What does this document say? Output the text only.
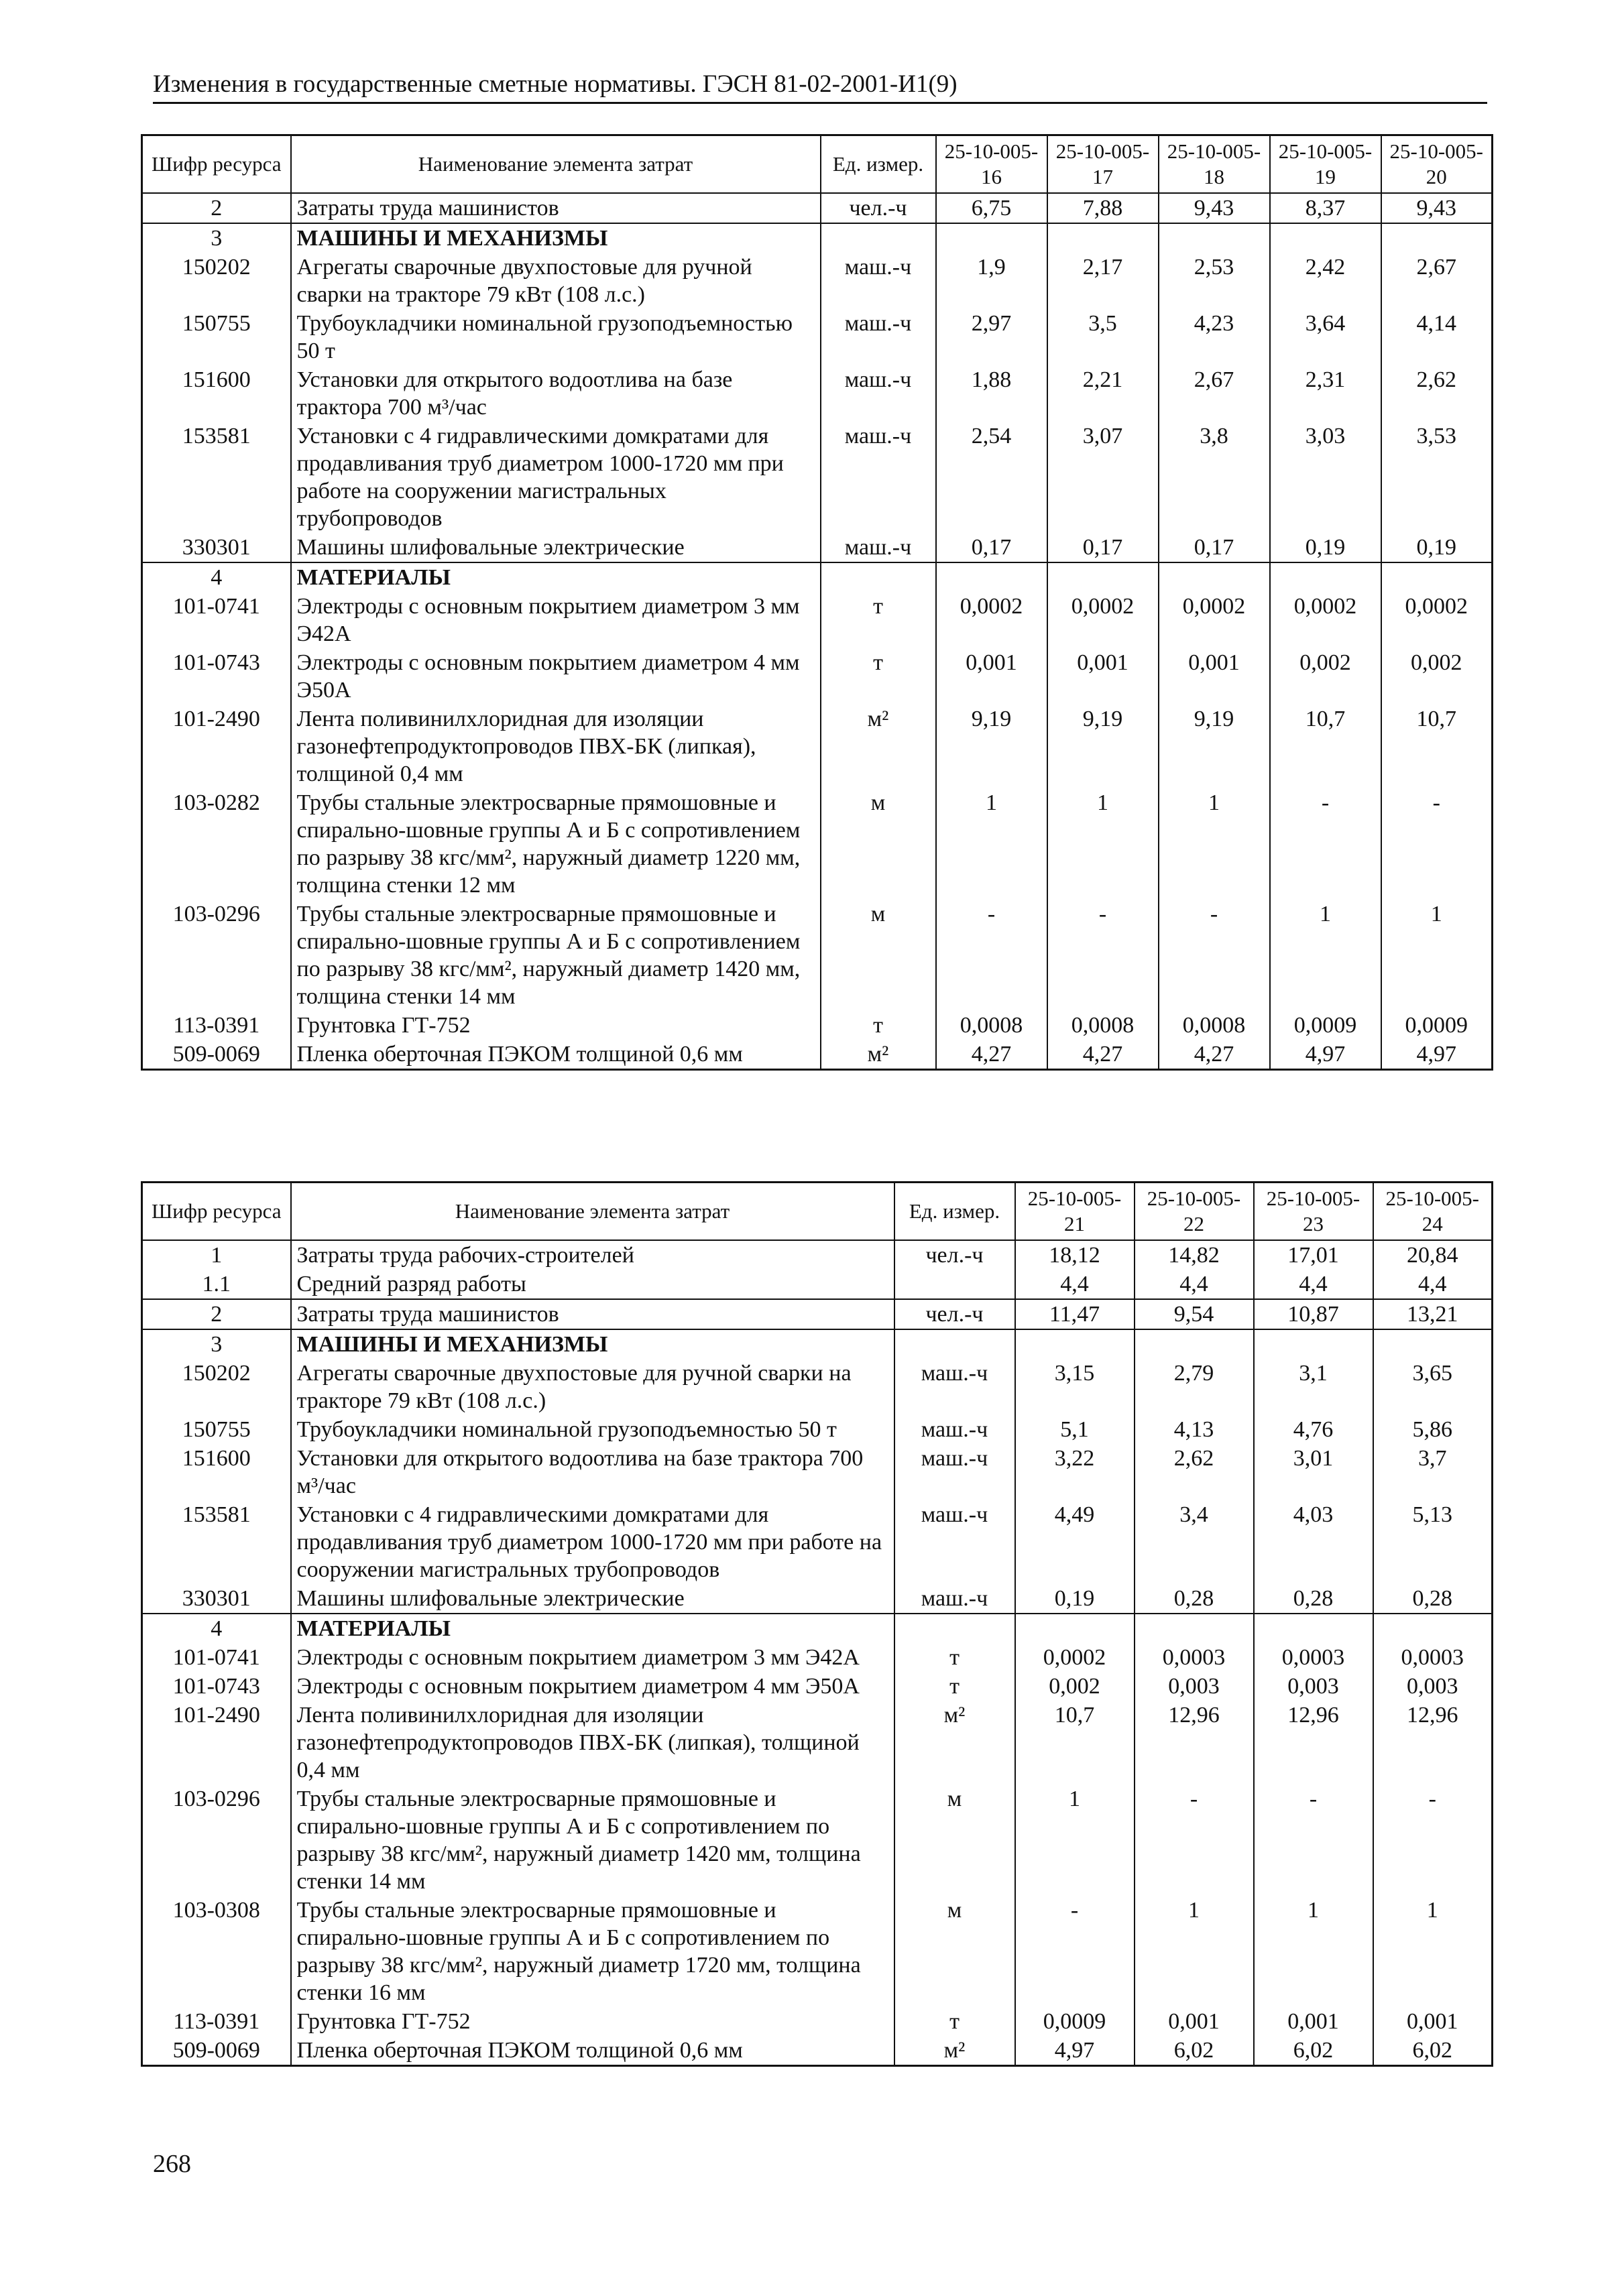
Изменения в государственные сметные нормативы. ГЭСН 81-02-2001-И1(9)
Шифр ресурса	Наименование элемента затрат	Ед. измер.	25-10-005-16	25-10-005-17	25-10-005-18	25-10-005-19	25-10-005-20
2	Затраты труда машинистов	чел.-ч	6,75	7,88	9,43	8,37	9,43
3	МАШИНЫ И МЕХАНИЗМЫ						
150202	Агрегаты сварочные двухпостовые для ручной сварки на тракторе 79 кВт (108 л.с.)	маш.-ч	1,9	2,17	2,53	2,42	2,67
150755	Трубоукладчики номинальной грузоподъемностью 50 т	маш.-ч	2,97	3,5	4,23	3,64	4,14
151600	Установки для открытого водоотлива на базе трактора 700 м³/час	маш.-ч	1,88	2,21	2,67	2,31	2,62
153581	Установки с 4 гидравлическими домкратами для продавливания труб диаметром 1000-1720 мм при работе на сооружении магистральных трубопроводов	маш.-ч	2,54	3,07	3,8	3,03	3,53
330301	Машины шлифовальные электрические	маш.-ч	0,17	0,17	0,17	0,19	0,19
4	МАТЕРИАЛЫ						
101-0741	Электроды с основным покрытием диаметром 3 мм Э42А	т	0,0002	0,0002	0,0002	0,0002	0,0002
101-0743	Электроды с основным покрытием диаметром 4 мм Э50А	т	0,001	0,001	0,001	0,002	0,002
101-2490	Лента поливинилхлоридная для изоляции газонефтепродуктопроводов ПВХ-БК (липкая), толщиной 0,4 мм	м²	9,19	9,19	9,19	10,7	10,7
103-0282	Трубы стальные электросварные прямошовные и спирально-шовные группы А и Б с сопротивлением по разрыву 38 кгс/мм², наружный диаметр 1220 мм, толщина стенки 12 мм	м	1	1	1	-	-
103-0296	Трубы стальные электросварные прямошовные и спирально-шовные группы А и Б с сопротивлением по разрыву 38 кгс/мм², наружный диаметр 1420 мм, толщина стенки 14 мм	м	-	-	-	1	1
113-0391	Грунтовка ГТ-752	т	0,0008	0,0008	0,0008	0,0009	0,0009
509-0069	Пленка оберточная ПЭКОМ толщиной 0,6 мм	м²	4,27	4,27	4,27	4,97	4,97
Шифр ресурса	Наименование элемента затрат	Ед. измер.	25-10-005-21	25-10-005-22	25-10-005-23	25-10-005-24
1	Затраты труда рабочих-строителей	чел.-ч	18,12	14,82	17,01	20,84
1.1	Средний разряд работы		4,4	4,4	4,4	4,4
2	Затраты труда машинистов	чел.-ч	11,47	9,54	10,87	13,21
3	МАШИНЫ И МЕХАНИЗМЫ					
150202	Агрегаты сварочные двухпостовые для ручной сварки на тракторе 79 кВт (108 л.с.)	маш.-ч	3,15	2,79	3,1	3,65
150755	Трубоукладчики номинальной грузоподъемностью 50 т	маш.-ч	5,1	4,13	4,76	5,86
151600	Установки для открытого водоотлива на базе трактора 700 м³/час	маш.-ч	3,22	2,62	3,01	3,7
153581	Установки с 4 гидравлическими домкратами для продавливания труб диаметром 1000-1720 мм при работе на сооружении магистральных трубопроводов	маш.-ч	4,49	3,4	4,03	5,13
330301	Машины шлифовальные электрические	маш.-ч	0,19	0,28	0,28	0,28
4	МАТЕРИАЛЫ					
101-0741	Электроды с основным покрытием диаметром 3 мм Э42А	т	0,0002	0,0003	0,0003	0,0003
101-0743	Электроды с основным покрытием диаметром 4 мм Э50А	т	0,002	0,003	0,003	0,003
101-2490	Лента поливинилхлоридная для изоляции газонефтепродуктопроводов ПВХ-БК (липкая), толщиной 0,4 мм	м²	10,7	12,96	12,96	12,96
103-0296	Трубы стальные электросварные прямошовные и спирально-шовные группы А и Б с сопротивлением по разрыву 38 кгс/мм², наружный диаметр 1420 мм, толщина стенки 14 мм	м	1	-	-	-
103-0308	Трубы стальные электросварные прямошовные и спирально-шовные группы А и Б с сопротивлением по разрыву 38 кгс/мм², наружный диаметр 1720 мм, толщина стенки 16 мм	м	-	1	1	1
113-0391	Грунтовка ГТ-752	т	0,0009	0,001	0,001	0,001
509-0069	Пленка оберточная ПЭКОМ толщиной 0,6 мм	м²	4,97	6,02	6,02	6,02
268
